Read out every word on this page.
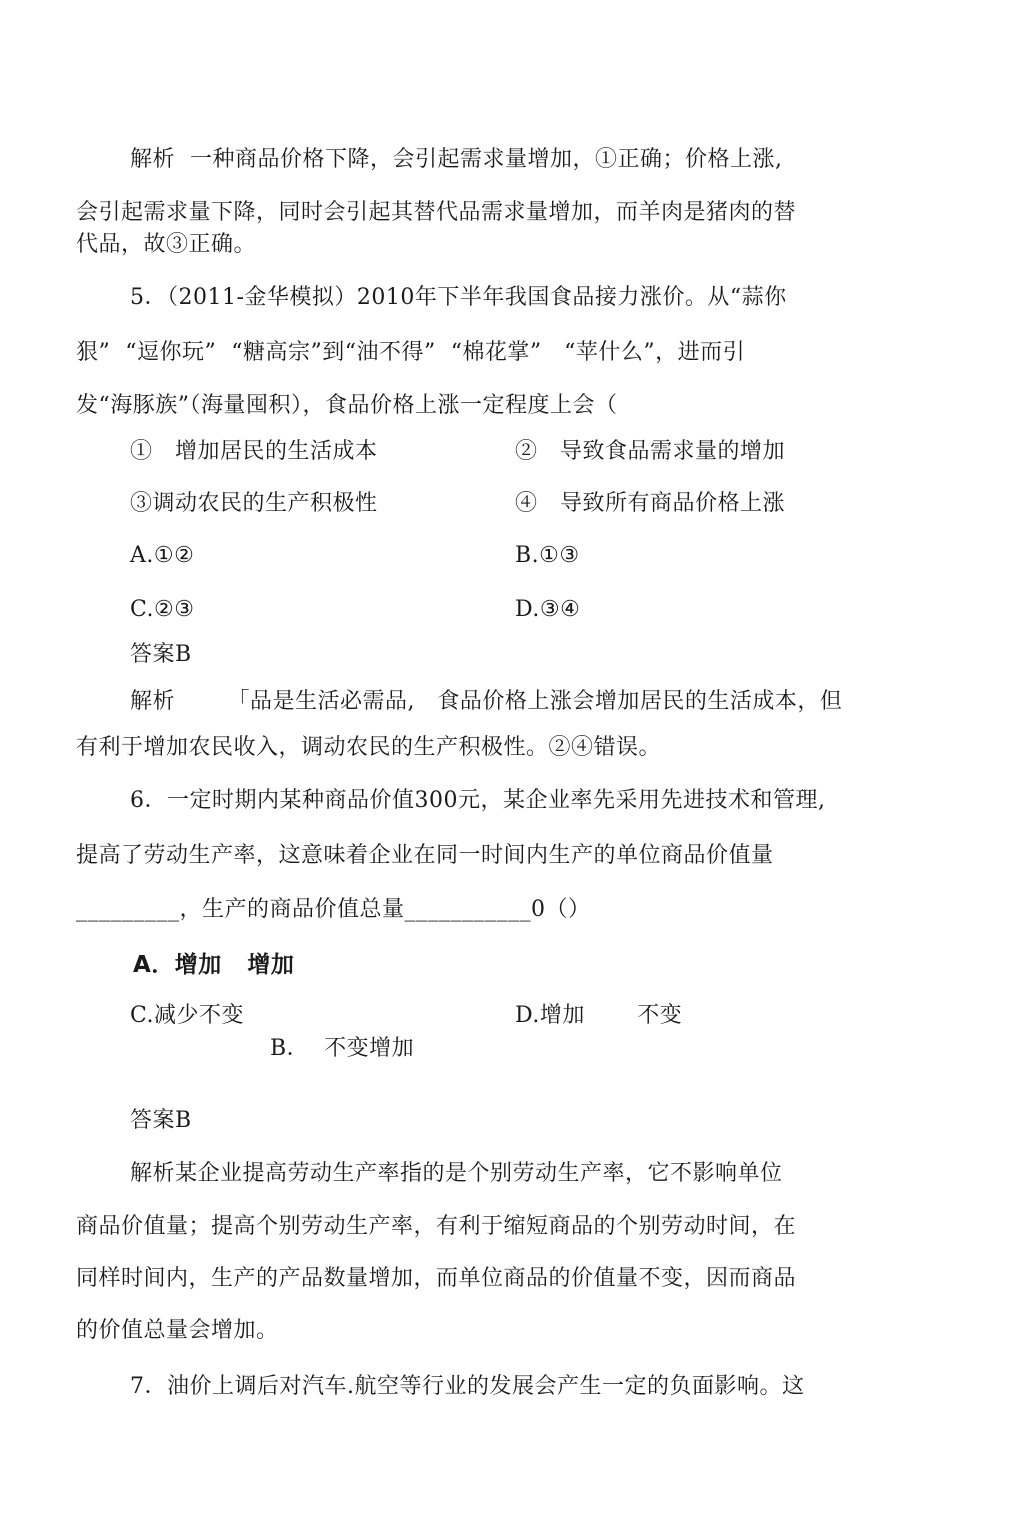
解析  一种商品价格下降，会引起需求量增加，①正确；价格上涨,
会引起需求量下降，同时会引起其替代品需求量增加，而羊肉是猪肉的替
代品，故③正确。
5．（2011-金华模拟）2010年下半年我国食品接力涨价。从“蒜你
狠”  “逗你玩”  “糖高宗”到“油不得”  “棉花掌”   “苹什么”，进而引
发“海豚族”（海量囤积），食品价格上涨一定程度上会（
①   增加居民的生活成本	②   导致食品需求量的增加
③调动农民的生产积极性	④   导致所有商品价格上涨
A.①②	B.①③
C.②③	D.③④
答案B
解析       「品是生活必需品,   食品价格上涨会增加居民的生活成本，但
有利于增加农民收入，调动农民的生产积极性。②④错误。
6．一定时期内某种商品价值300元，某企业率先采用先进技术和管理,
提高了劳动生产率，这意味着企业在同一时间内生产的单位商品价值量
_________，生产的商品价值总量___________0（）
A．增加   增加
C.减少不变	D.增加       不变
B．  不变增加
答案B
解析某企业提高劳动生产率指的是个别劳动生产率，它不影响单位
商品价值量；提高个别劳动生产率，有利于缩短商品的个别劳动时间，在
同样时间内，生产的产品数量增加，而单位商品的价值量不变，因而商品
的价值总量会增加。
7．油价上调后对汽车.航空等行业的发展会产生一定的负面影响。这
